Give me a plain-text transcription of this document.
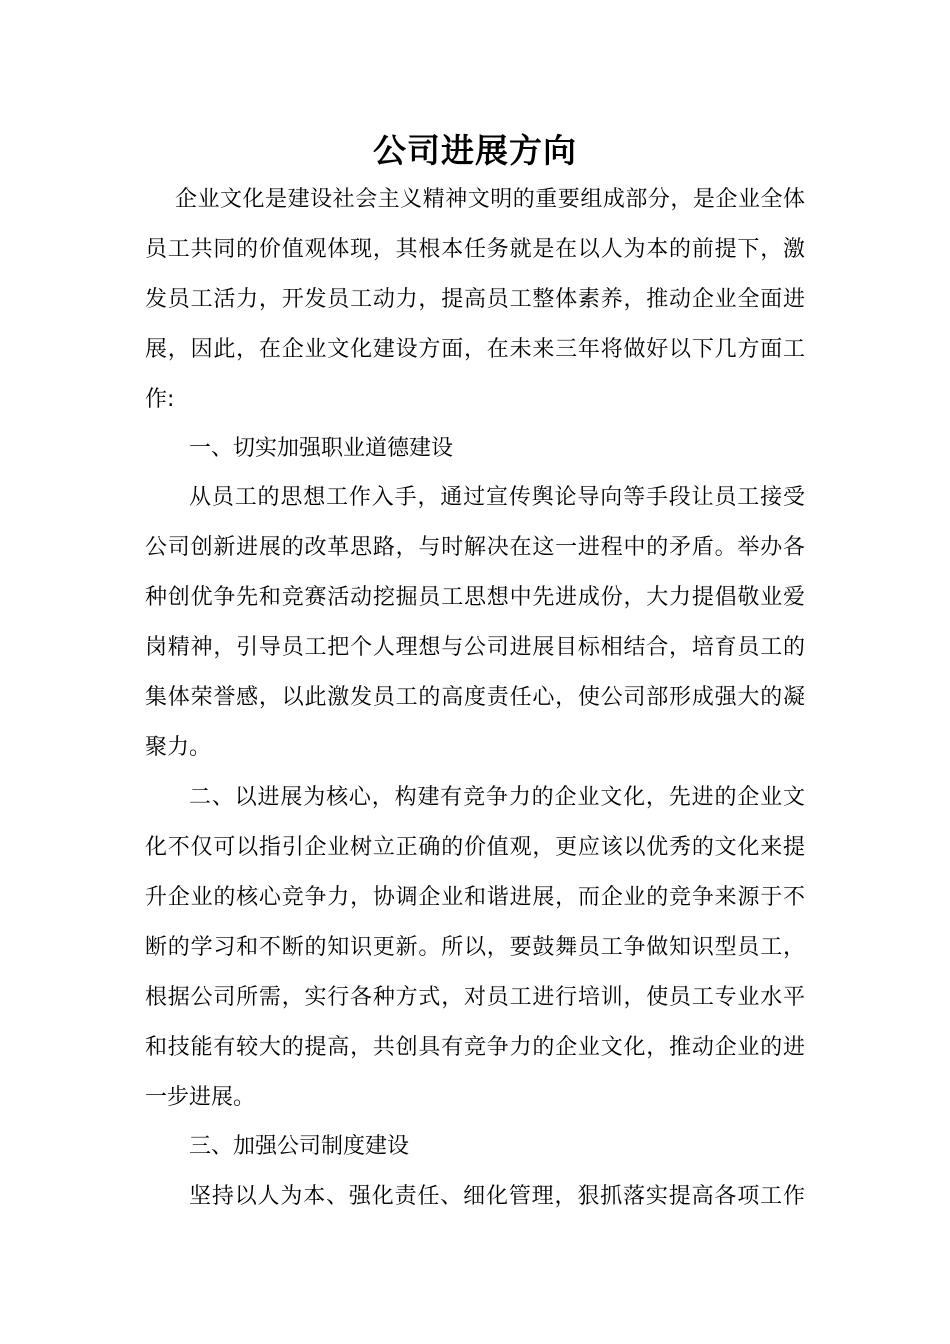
公司进展方向
企业文化是建设社会主义精神文明的重要组成部分，是企业全体
员工共同的价值观体现，其根本任务就是在以人为本的前提下，激
发员工活力，开发员工动力，提高员工整体素养，推动企业全面进
展，因此，在企业文化建设方面，在未来三年将做好以下几方面工
作:
一、切实加强职业道德建设
从员工的思想工作入手，通过宣传舆论导向等手段让员工接受
公司创新进展的改革思路，与时解决在这一进程中的矛盾。举办各
种创优争先和竞赛活动挖掘员工思想中先进成份，大力提倡敬业爱
岗精神，引导员工把个人理想与公司进展目标相结合，培育员工的
集体荣誉感，以此激发员工的高度责任心，使公司部形成强大的凝
聚力。
二、以进展为核心，构建有竞争力的企业文化，先进的企业文
化不仅可以指引企业树立正确的价值观，更应该以优秀的文化来提
升企业的核心竞争力，协调企业和谐进展，而企业的竞争来源于不
断的学习和不断的知识更新。所以，要鼓舞员工争做知识型员工，
根据公司所需，实行各种方式，对员工进行培训，使员工专业水平
和技能有较大的提高，共创具有竞争力的企业文化，推动企业的进
一步进展。
三、加强公司制度建设
坚持以人为本、强化责任、细化管理，狠抓落实提高各项工作
